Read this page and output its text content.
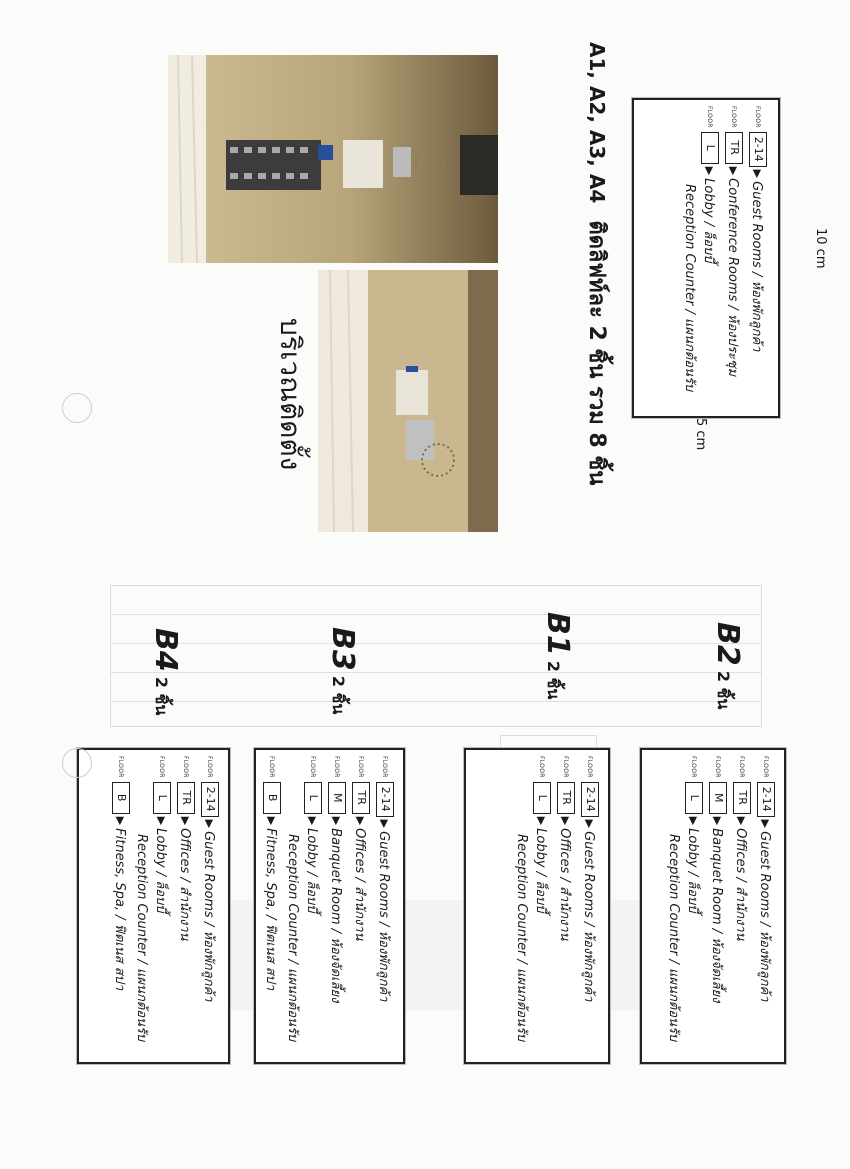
10 cm
5 cm
A1, A2, A3, A4 ติดลิฟท์ละ 2 ชิ้น รวม 8 ชิ้น
FLOOR
2-14
▶
Guest Rooms / ห้องพักลูกค้า
FLOOR
TR
▶
Conference Rooms / ห้องประชุม
FLOOR
L
▶
Lobby / ล็อบบี้
Reception Counter / แผนกต้อนรับ
บริเวณติดตั้ง
B2 2 ชิ้น
B1 2 ชิ้น
B3 2 ชิ้น
B4 2 ชิ้น
FLOOR
2-14
▶
Guest Rooms / ห้องพักลูกค้า
FLOOR
TR
▶
Offices / สำนักงาน
FLOOR
M
▶
Banquet Room / ห้องจัดเลี้ยง
FLOOR
L
▶
Lobby / ล็อบบี้
Reception Counter / แผนกต้อนรับ
FLOOR
2-14
▶
Guest Rooms / ห้องพักลูกค้า
FLOOR
TR
▶
Offices / สำนักงาน
FLOOR
L
▶
Lobby / ล็อบบี้
Reception Counter / แผนกต้อนรับ
FLOOR
2-14
▶
Guest Rooms / ห้องพักลูกค้า
FLOOR
TR
▶
Offices / สำนักงาน
FLOOR
M
▶
Banquet Room / ห้องจัดเลี้ยง
FLOOR
L
▶
Lobby / ล็อบบี้
Reception Counter / แผนกต้อนรับ
FLOOR
B
▶
Fitness, Spa, / ฟิตเนส สปา
FLOOR
2-14
▶
Guest Rooms / ห้องพักลูกค้า
FLOOR
TR
▶
Offices / สำนักงาน
FLOOR
L
▶
Lobby / ล็อบบี้
Reception Counter / แผนกต้อนรับ
FLOOR
B
▶
Fitness, Spa, / ฟิตเนส สปา
